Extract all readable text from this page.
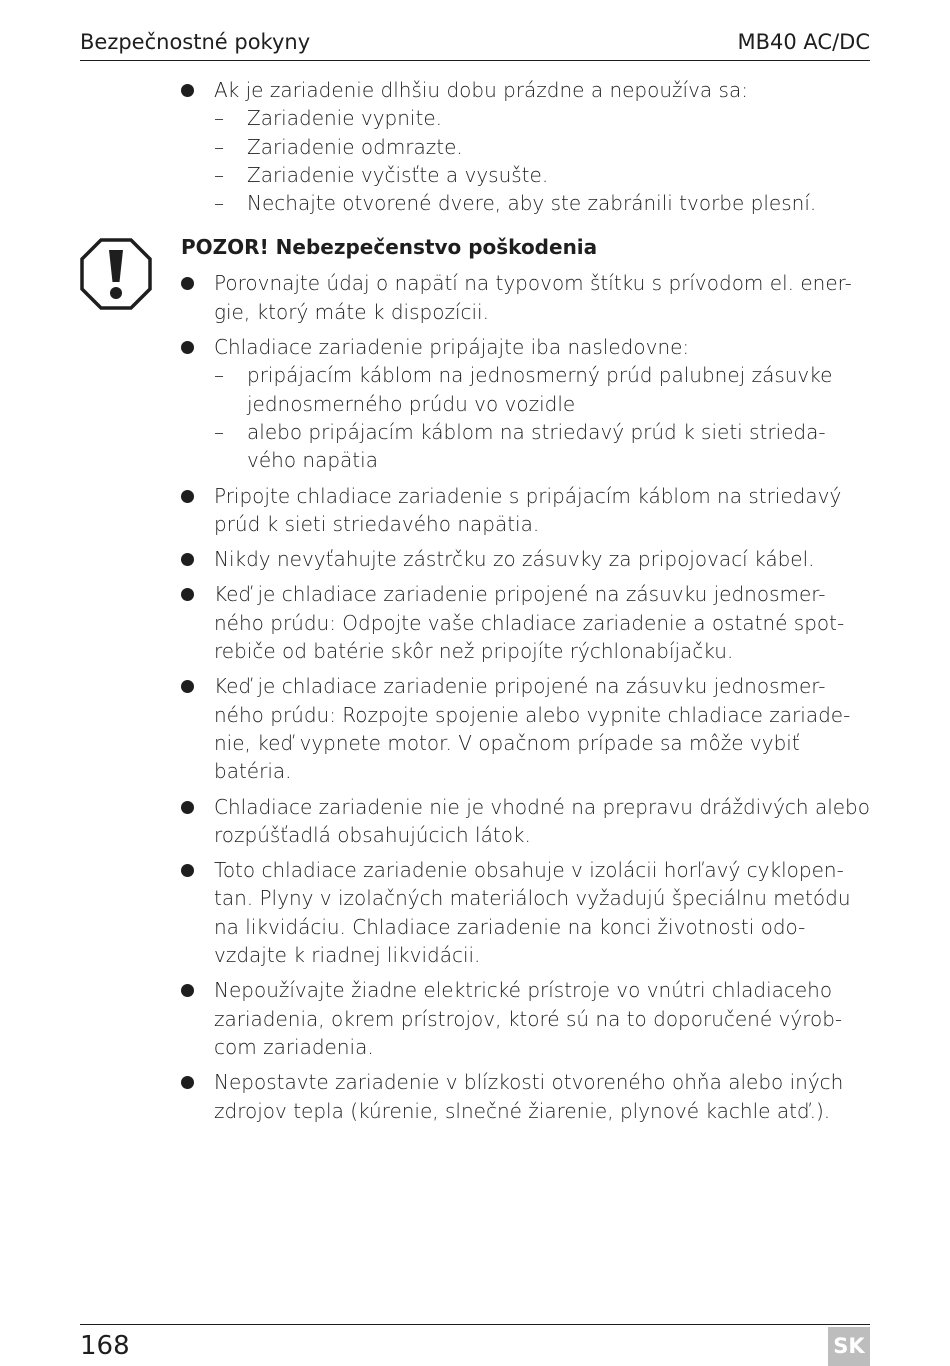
Bezpečnostné pokyny	MB40 AC/DC
Ak je zariadenie dlhšiu dobu prázdne a nepoužíva sa:
– Zariadenie vypnite.
– Zariadenie odmrazte.
– Zariadenie vyčisťte a vysušte.
– Nechajte otvorené dvere, aby ste zabránili tvorbe plesní.
POZOR! Nebezpečenstvo poškodenia
Porovnajte údaj o napätí na typovom štítku s prívodom el. ener-gie, ktorý máte k dispozícii.
Chladiace zariadenie pripájajte iba nasledovne:
– pripájacím káblom na jednosmerný prúd palubnej zásuvke jednosmerného prúdu vo vozidle
– alebo pripájacím káblom na striedavý prúd k sieti strieda-vého napätia
Pripojte chladiace zariadenie s pripájacím káblom na striedavý prúd k sieti striedavého napätia.
Nikdy nevyťahujte zástrčku zo zásuvky za pripojovací kábel.
Keď je chladiace zariadenie pripojené na zásuvku jednosmer-ného prúdu: Odpojte vaše chladiace zariadenie a ostatné spot-rebiče od batérie skôr než pripojíte rýchlonabíjačku.
Keď je chladiace zariadenie pripojené na zásuvku jednosmer-ného prúdu: Rozpojte spojenie alebo vypnite chladiace zariade-nie, keď vypnete motor. V opačnom prípade sa môže vybiť batéria.
Chladiace zariadenie nie je vhodné na prepravu dráždivých alebo rozpúšťadlá obsahujúcich látok.
Toto chladiace zariadenie obsahuje v izolácii horľavý cyklopen-tan. Plyny v izolačných materiáloch vyžadujú špeciálnu metódu na likvidáciu. Chladiace zariadenie na konci životnosti odo-vzdajte k riadnej likvidácii.
Nepoužívajte žiadne elektrické prístroje vo vnútri chladiaceho zariadenia, okrem prístrojov, ktoré sú na to doporučené výrob-com zariadenia.
Nepostavte zariadenie v blízkosti otvoreného ohňa alebo iných zdrojov tepla (kúrenie, slnečné žiarenie, plynové kachle atď.).
168	SK
